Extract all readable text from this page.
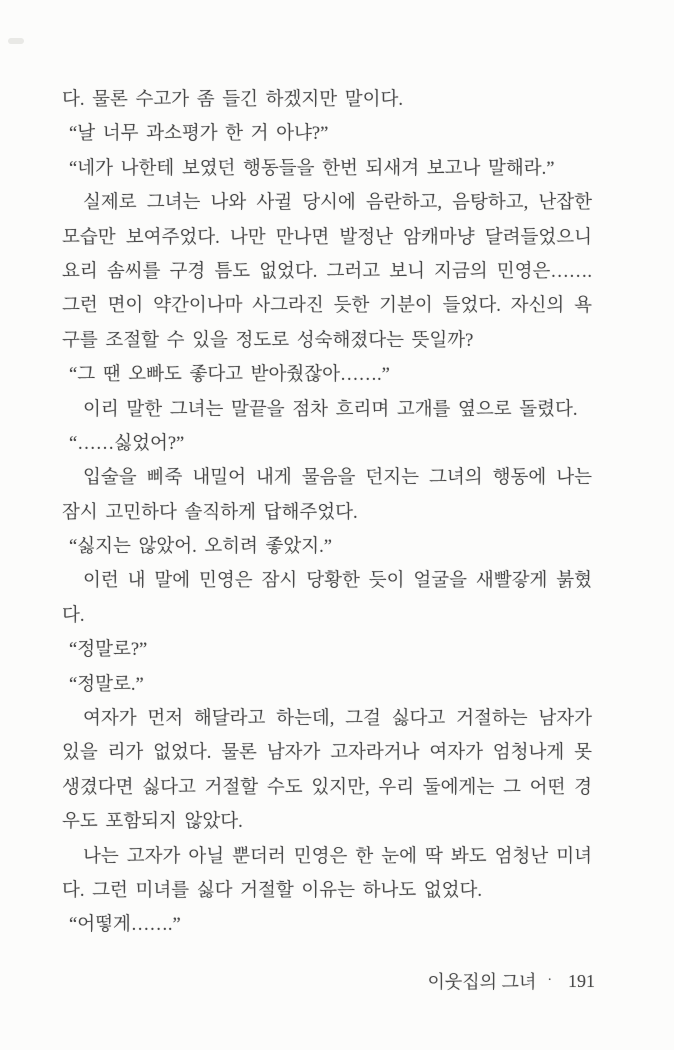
다. 물론 수고가 좀 들긴 하겠지만 말이다.
“날 너무 과소평가 한 거 아냐?”
“네가 나한테 보였던 행동들을 한번 되새겨 보고나 말해라.”
실제로 그녀는 나와 사귈 당시에 음란하고, 음탕하고, 난잡한
모습만 보여주었다. 나만 만나면 발정난 암캐마냥 달려들었으니
요리 솜씨를 구경 틈도 없었다. 그러고 보니 지금의 민영은…….
그런 면이 약간이나마 사그라진 듯한 기분이 들었다. 자신의 욕
구를 조절할 수 있을 정도로 성숙해졌다는 뜻일까?
“그 땐 오빠도 좋다고 받아줬잖아…….”
이리 말한 그녀는 말끝을 점차 흐리며 고개를 옆으로 돌렸다.
“……싫었어?”
입술을 삐죽 내밀어 내게 물음을 던지는 그녀의 행동에 나는
잠시 고민하다 솔직하게 답해주었다.
“싫지는 않았어. 오히려 좋았지.”
이런 내 말에 민영은 잠시 당황한 듯이 얼굴을 새빨갛게 붉혔
다.
“정말로?”
“정말로.”
여자가 먼저 해달라고 하는데, 그걸 싫다고 거절하는 남자가
있을 리가 없었다. 물론 남자가 고자라거나 여자가 엄청나게 못
생겼다면 싫다고 거절할 수도 있지만, 우리 둘에게는 그 어떤 경
우도 포함되지 않았다.
나는 고자가 아닐 뿐더러 민영은 한 눈에 딱 봐도 엄청난 미녀
다. 그런 미녀를 싫다 거절할 이유는 하나도 없었다.
“어떻게…….”
이웃집의 그녀 · 191
